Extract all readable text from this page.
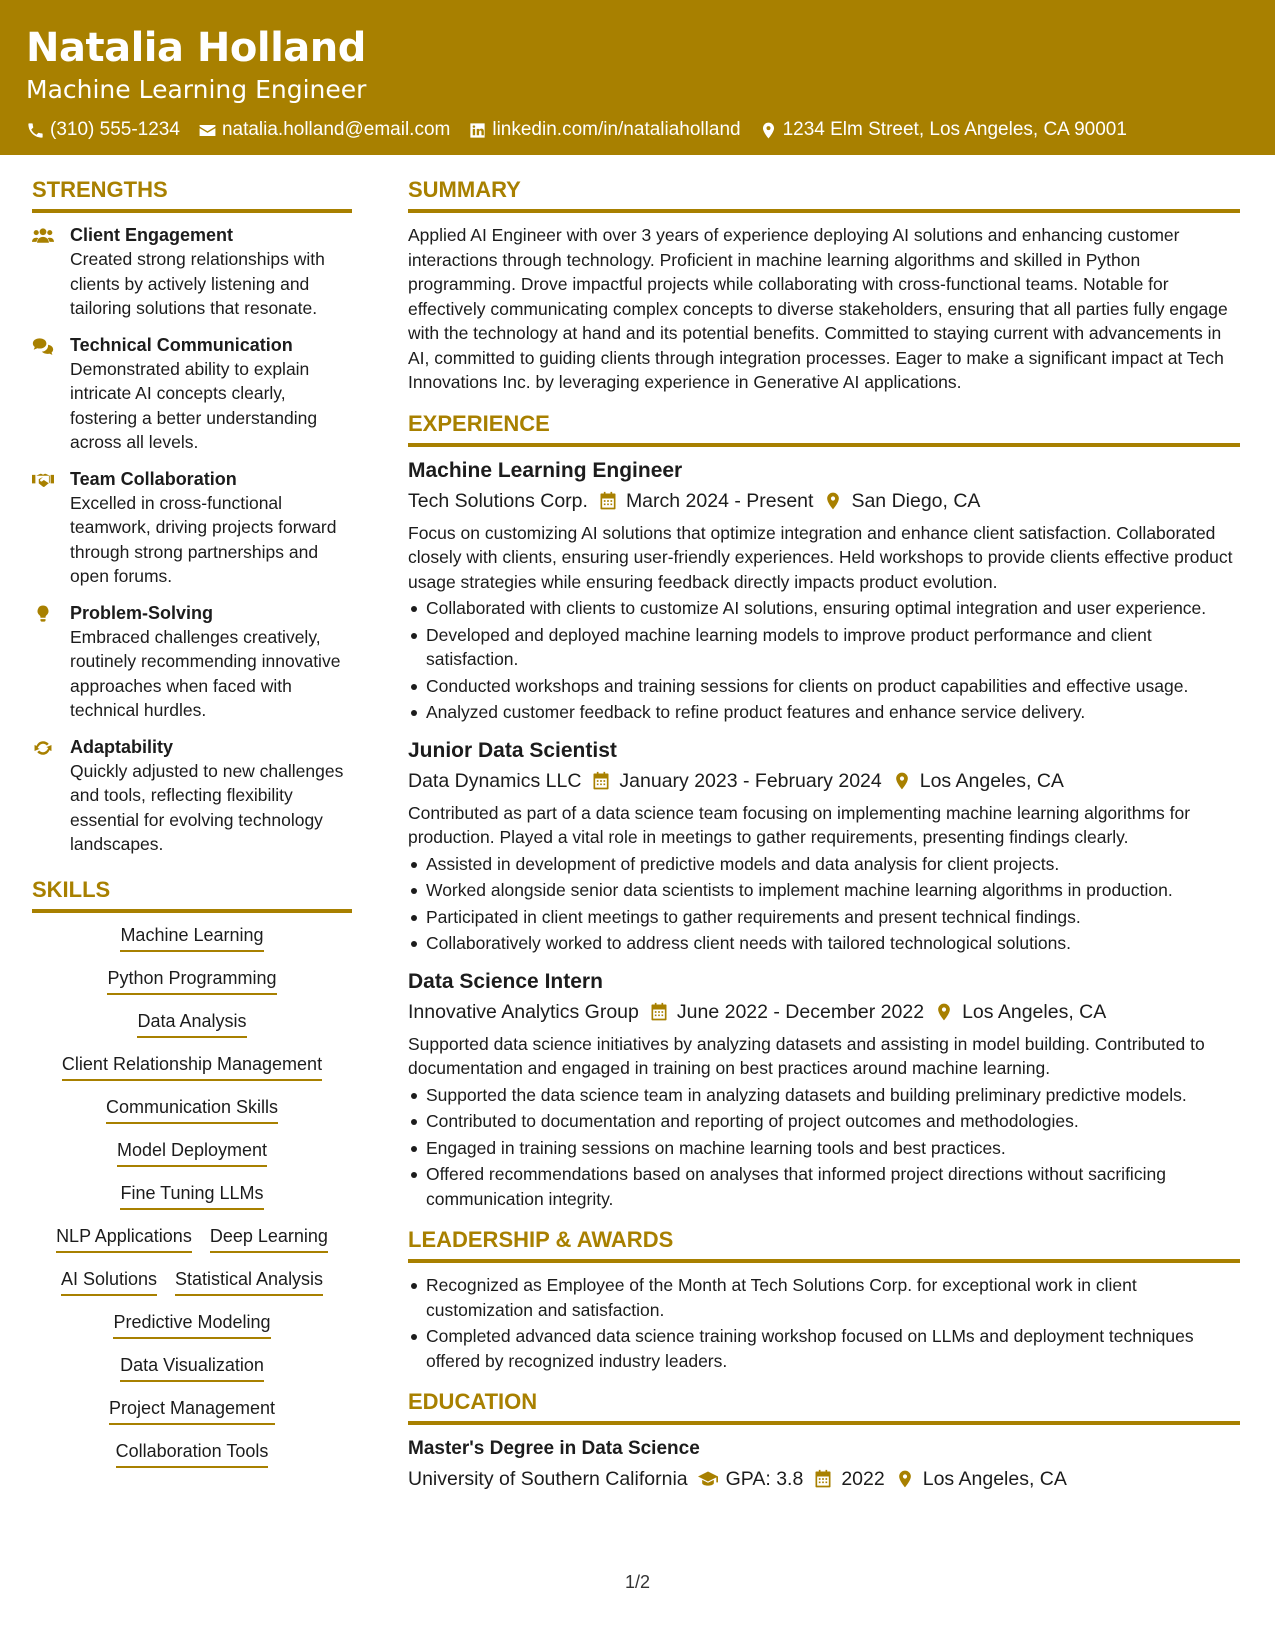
Natalia Holland
Machine Learning Engineer
(310) 555-1234 natalia.holland@email.com linkedin.com/in/nataliaholland 1234 Elm Street, Los Angeles, CA 90001
STRENGTHS
Client Engagement
Created strong relationships with clients by actively listening and tailoring solutions that resonate.
Technical Communication
Demonstrated ability to explain intricate AI concepts clearly, fostering a better understanding across all levels.
Team Collaboration
Excelled in cross-functional teamwork, driving projects forward through strong partnerships and open forums.
Problem-Solving
Embraced challenges creatively, routinely recommending innovative approaches when faced with technical hurdles.
Adaptability
Quickly adjusted to new challenges and tools, reflecting flexibility essential for evolving technology landscapes.
SKILLS
Machine Learning
Python Programming
Data Analysis
Client Relationship Management
Communication Skills
Model Deployment
Fine Tuning LLMs
NLP Applications Deep Learning
AI Solutions Statistical Analysis
Predictive Modeling
Data Visualization
Project Management
Collaboration Tools
SUMMARY
Applied AI Engineer with over 3 years of experience deploying AI solutions and enhancing customer interactions through technology. Proficient in machine learning algorithms and skilled in Python programming. Drove impactful projects while collaborating with cross-functional teams. Notable for effectively communicating complex concepts to diverse stakeholders, ensuring that all parties fully engage with the technology at hand and its potential benefits. Committed to staying current with advancements in AI, committed to guiding clients through integration processes. Eager to make a significant impact at Tech Innovations Inc. by leveraging experience in Generative AI applications.
EXPERIENCE
Machine Learning Engineer
Tech Solutions Corp. March 2024 - Present San Diego, CA
Focus on customizing AI solutions that optimize integration and enhance client satisfaction. Collaborated closely with clients, ensuring user-friendly experiences. Held workshops to provide clients effective product usage strategies while ensuring feedback directly impacts product evolution.
Collaborated with clients to customize AI solutions, ensuring optimal integration and user experience.
Developed and deployed machine learning models to improve product performance and client satisfaction.
Conducted workshops and training sessions for clients on product capabilities and effective usage.
Analyzed customer feedback to refine product features and enhance service delivery.
Junior Data Scientist
Data Dynamics LLC January 2023 - February 2024 Los Angeles, CA
Contributed as part of a data science team focusing on implementing machine learning algorithms for production. Played a vital role in meetings to gather requirements, presenting findings clearly.
Assisted in development of predictive models and data analysis for client projects.
Worked alongside senior data scientists to implement machine learning algorithms in production.
Participated in client meetings to gather requirements and present technical findings.
Collaboratively worked to address client needs with tailored technological solutions.
Data Science Intern
Innovative Analytics Group June 2022 - December 2022 Los Angeles, CA
Supported data science initiatives by analyzing datasets and assisting in model building. Contributed to documentation and engaged in training on best practices around machine learning.
Supported the data science team in analyzing datasets and building preliminary predictive models.
Contributed to documentation and reporting of project outcomes and methodologies.
Engaged in training sessions on machine learning tools and best practices.
Offered recommendations based on analyses that informed project directions without sacrificing communication integrity.
LEADERSHIP & AWARDS
Recognized as Employee of the Month at Tech Solutions Corp. for exceptional work in client customization and satisfaction.
Completed advanced data science training workshop focused on LLMs and deployment techniques offered by recognized industry leaders.
EDUCATION
Master's Degree in Data Science
University of Southern California GPA: 3.8 2022 Los Angeles, CA
1/2
